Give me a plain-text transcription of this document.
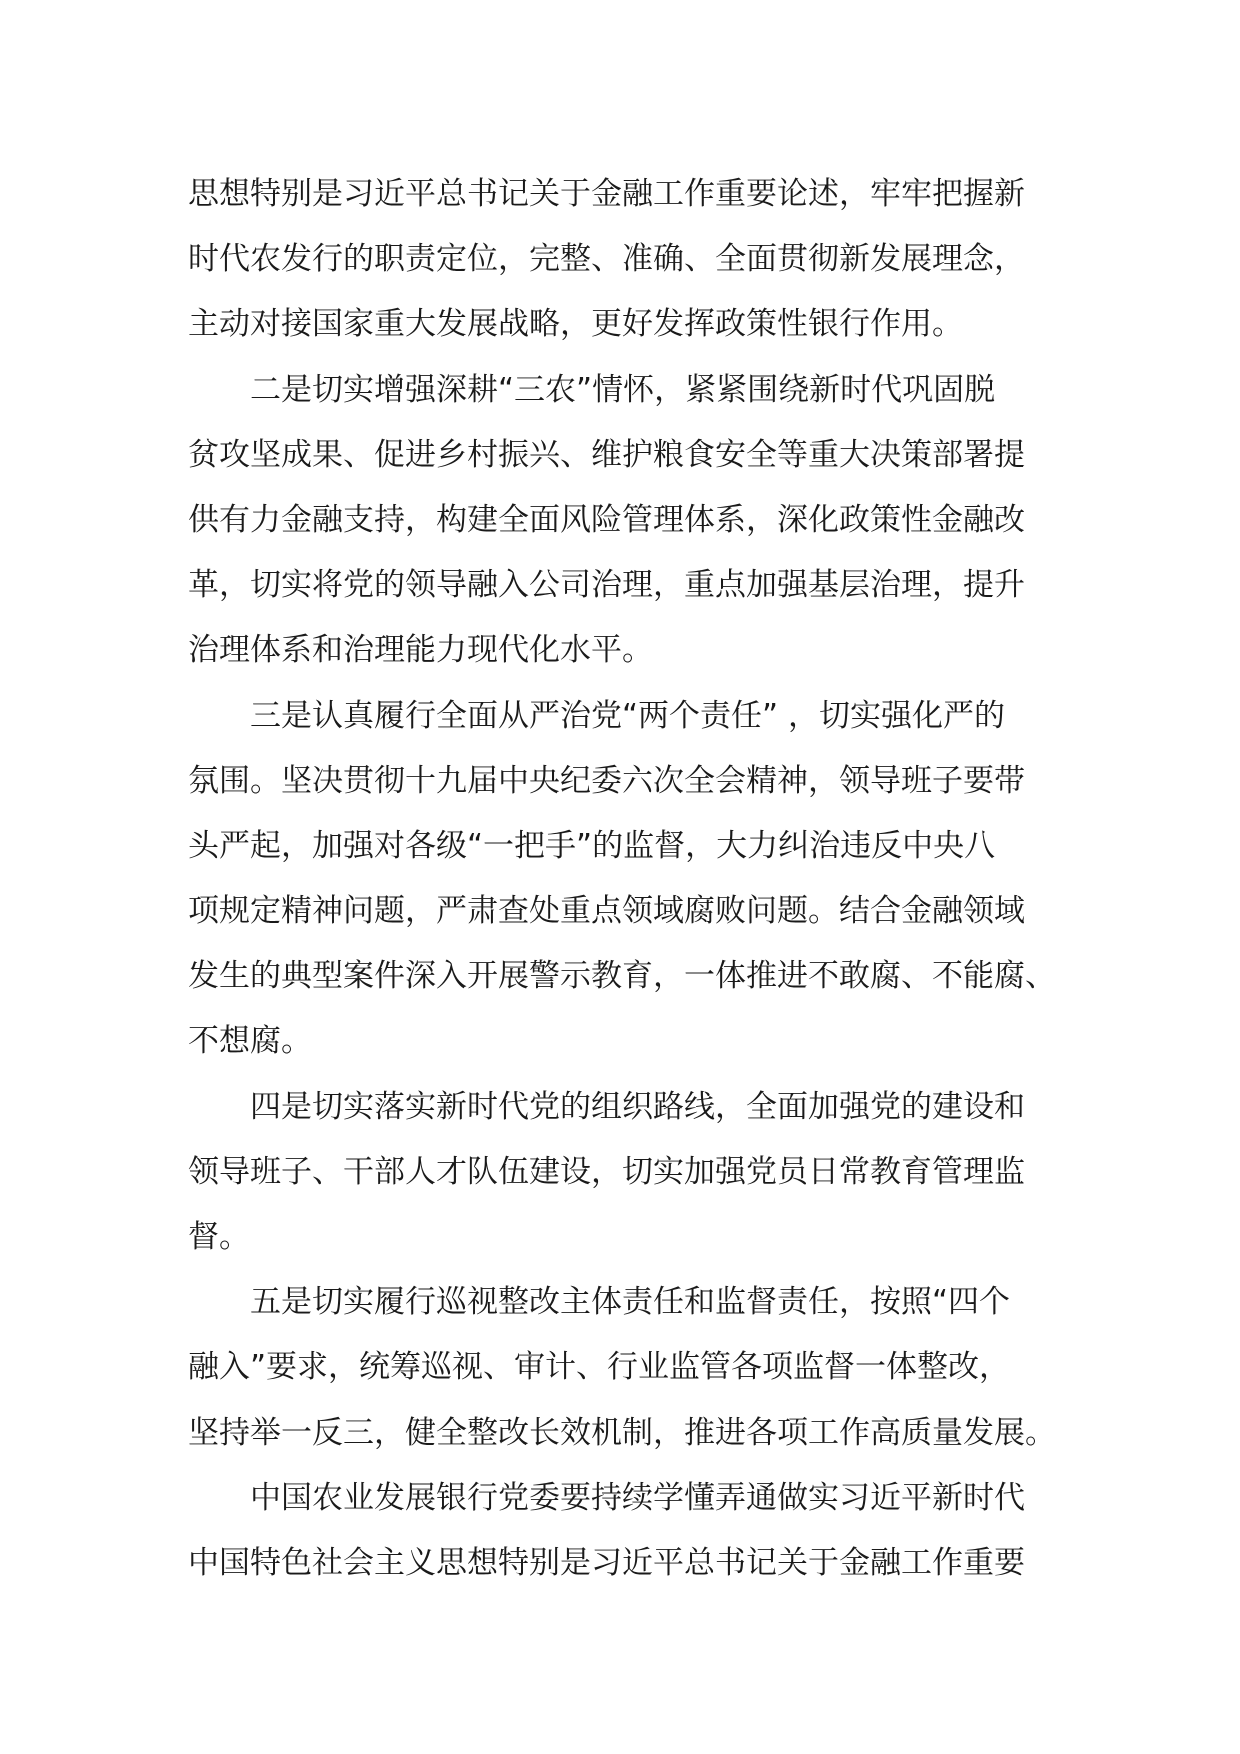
思想特别是习近平总书记关于金融工作重要论述，牢牢把握新
时代农发行的职责定位，完整、准确、全面贯彻新发展理念，
主动对接国家重大发展战略，更好发挥政策性银行作用。
二是切实增强深耕“三农”情怀，紧紧围绕新时代巩固脱
贫攻坚成果、促进乡村振兴、维护粮食安全等重大决策部署提
供有力金融支持，构建全面风险管理体系，深化政策性金融改
革，切实将党的领导融入公司治理，重点加强基层治理，提升
治理体系和治理能力现代化水平。
三是认真履行全面从严治党“两个责任” ，切实强化严的
氛围。坚决贯彻十九届中央纪委六次全会精神，领导班子要带
头严起，加强对各级“一把手”的监督，大力纠治违反中央八
项规定精神问题，严肃查处重点领域腐败问题。结合金融领域
发生的典型案件深入开展警示教育，一体推进不敢腐、不能腐、
不想腐。
四是切实落实新时代党的组织路线，全面加强党的建设和
领导班子、干部人才队伍建设，切实加强党员日常教育管理监
督。
五是切实履行巡视整改主体责任和监督责任，按照“四个
融入”要求，统筹巡视、审计、行业监管各项监督一体整改，
坚持举一反三，健全整改长效机制，推进各项工作高质量发展。
中国农业发展银行党委要持续学懂弄通做实习近平新时代
中国特色社会主义思想特别是习近平总书记关于金融工作重要
